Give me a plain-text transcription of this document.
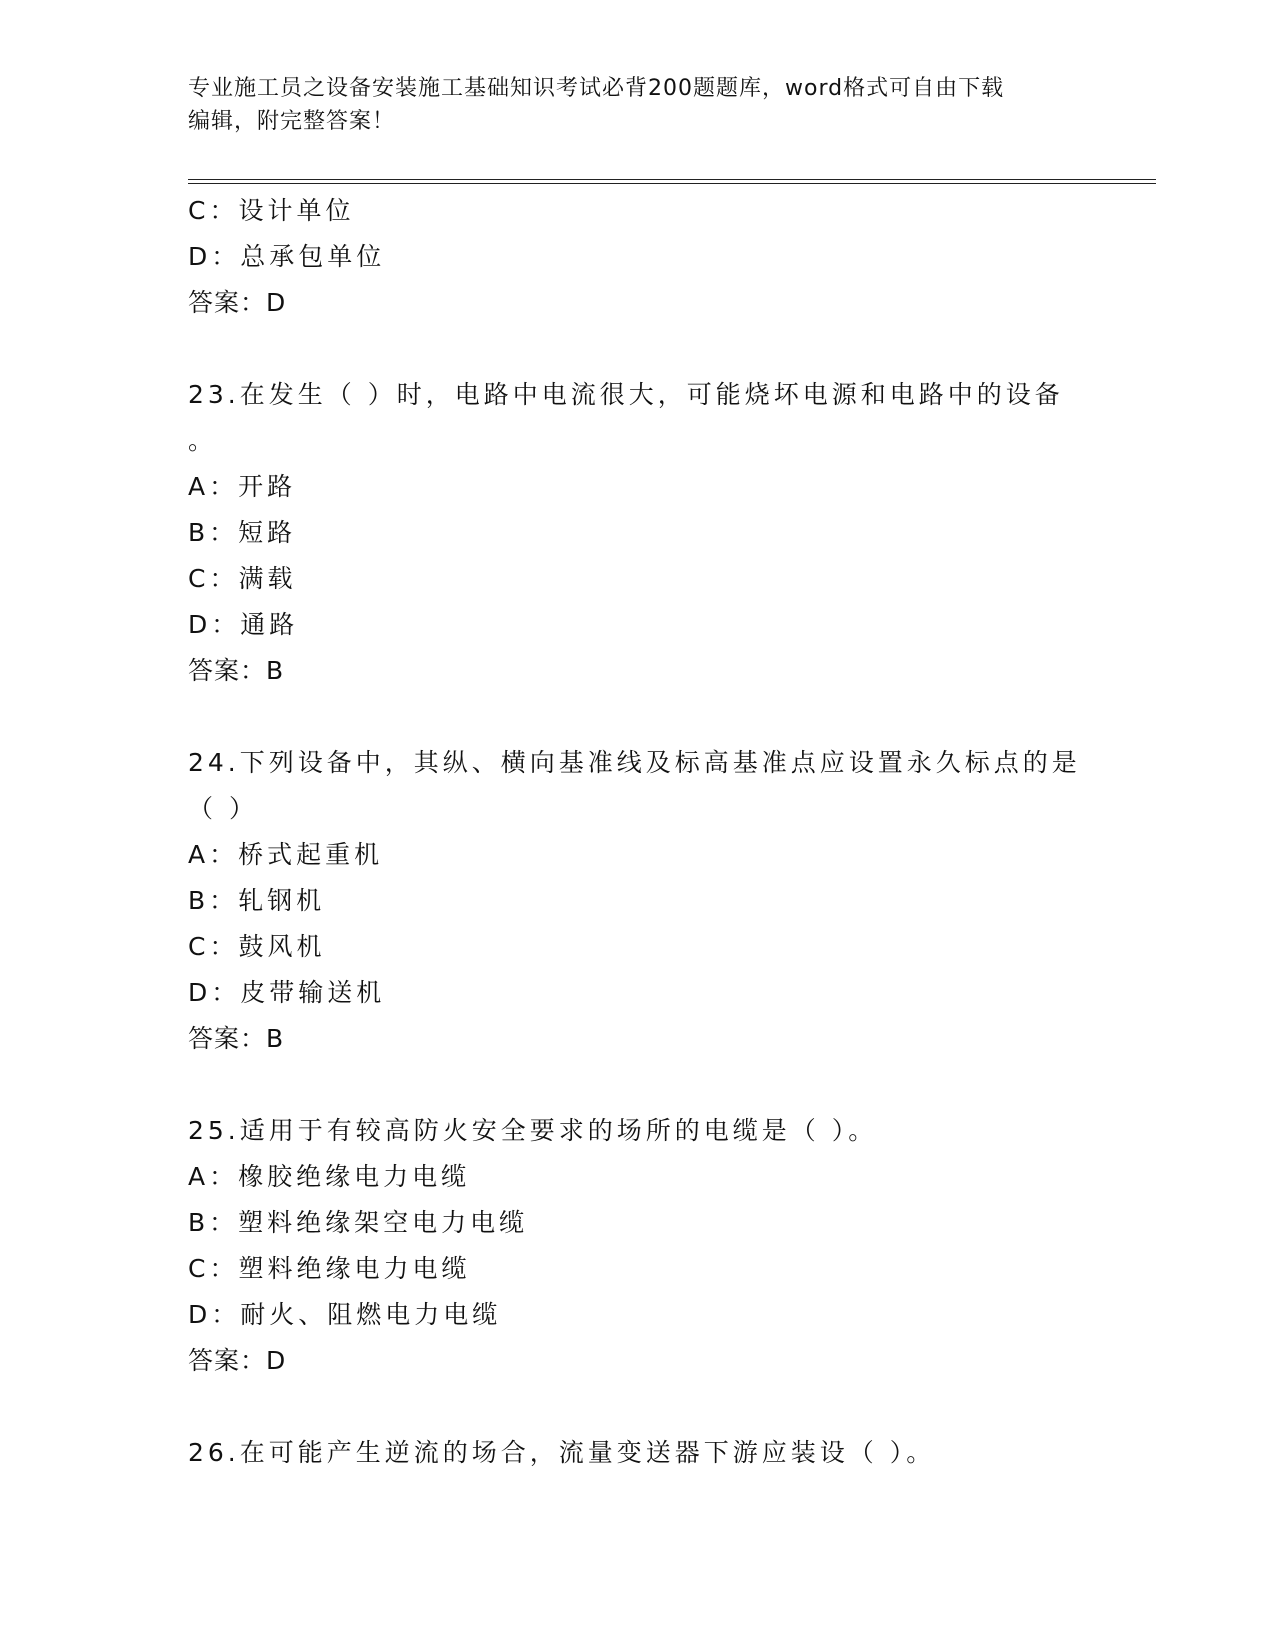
专业施工员之设备安装施工基础知识考试必背200题题库，word格式可自由下载
编辑，附完整答案！
C：设计单位
D：总承包单位
答案：D
23.在发生（ ）时，电路中电流很大，可能烧坏电源和电路中的设备
。
A：开路
B：短路
C：满载
D：通路
答案：B
24.下列设备中，其纵、横向基准线及标高基准点应设置永久标点的是
（ ）
A：桥式起重机
B：轧钢机
C：鼓风机
D：皮带输送机
答案：B
25.适用于有较高防火安全要求的场所的电缆是（ ）。
A：橡胶绝缘电力电缆
B：塑料绝缘架空电力电缆
C：塑料绝缘电力电缆
D：耐火、阻燃电力电缆
答案：D
26.在可能产生逆流的场合，流量变送器下游应装设（ ）。
